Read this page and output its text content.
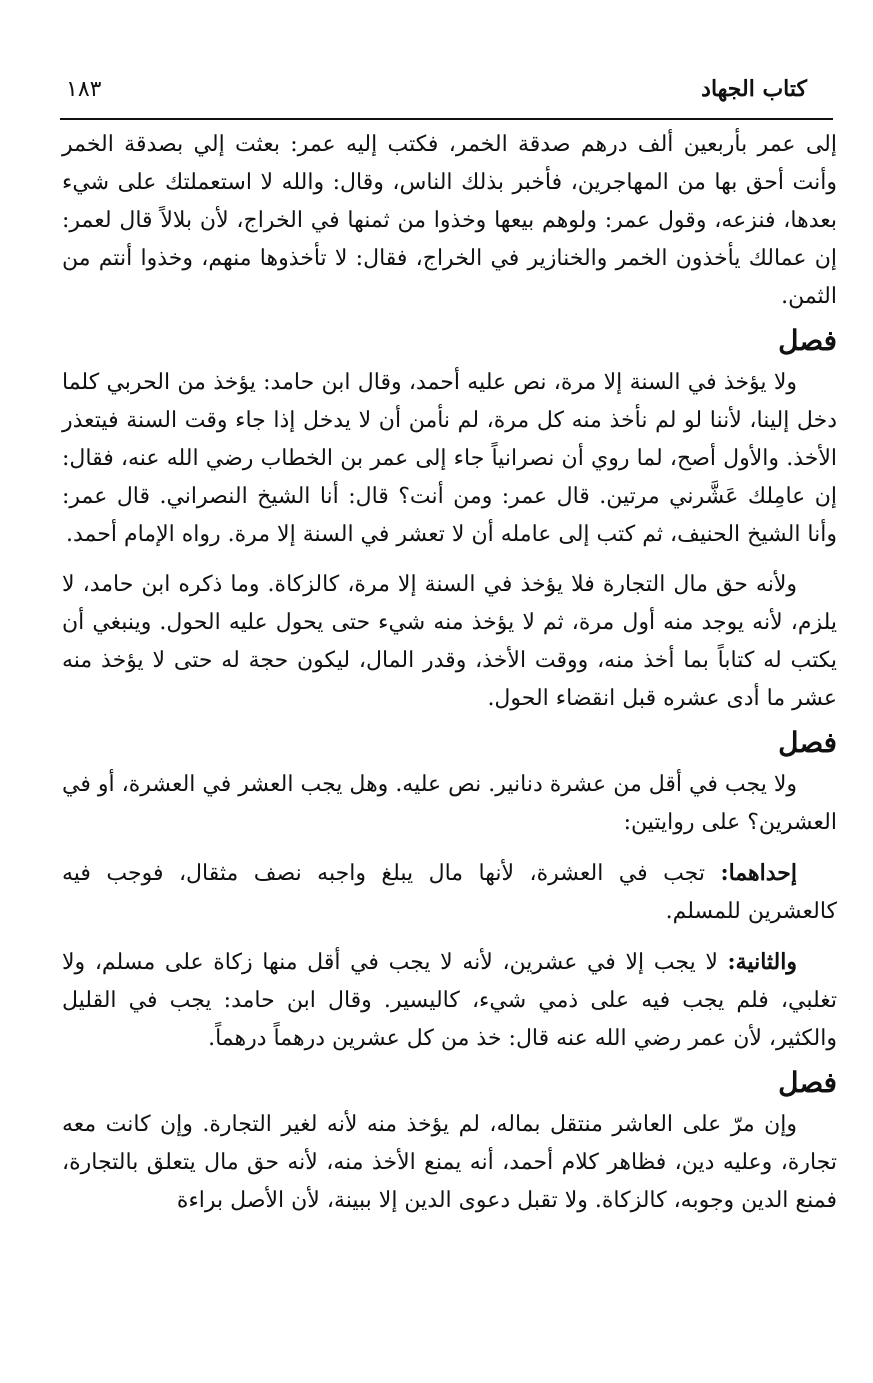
كتاب الجهاد
١٨٣

إلى عمر بأربعين ألف درهم صدقة الخمر، فكتب إليه عمر: بعثت إلي بصدقة الخمر وأنت أحق بها من المهاجرين، فأخبر بذلك الناس، وقال: والله لا استعملتك على شيء بعدها، فنزعه، وقول عمر: ولوهم بيعها وخذوا من ثمنها في الخراج، لأن بلالاً قال لعمر: إن عمالك يأخذون الخمر والخنازير في الخراج، فقال: لا تأخذوها منهم، وخذوا أنتم من الثمن.

فصل

ولا يؤخذ في السنة إلا مرة، نص عليه أحمد، وقال ابن حامد: يؤخذ من الحربي كلما دخل إلينا، لأننا لو لم نأخذ منه كل مرة، لم نأمن أن لا يدخل إذا جاء وقت السنة فيتعذر الأخذ. والأول أصح، لما روي أن نصرانياً جاء إلى عمر بن الخطاب رضي الله عنه، فقال: إن عامِلك عَشَّرني مرتين. قال عمر: ومن أنت؟ قال: أنا الشيخ النصراني. قال عمر: وأنا الشيخ الحنيف، ثم كتب إلى عامله أن لا تعشر في السنة إلا مرة. رواه الإمام أحمد.

ولأنه حق مال التجارة فلا يؤخذ في السنة إلا مرة، كالزكاة. وما ذكره ابن حامد، لا يلزم، لأنه يوجد منه أول مرة، ثم لا يؤخذ منه شيء حتى يحول عليه الحول. وينبغي أن يكتب له كتاباً بما أخذ منه، ووقت الأخذ، وقدر المال، ليكون حجة له حتى لا يؤخذ منه عشر ما أدى عشره قبل انقضاء الحول.

فصل

ولا يجب في أقل من عشرة دنانير. نص عليه. وهل يجب العشر في العشرة، أو في العشرين؟ على روايتين:

إحداهما: تجب في العشرة، لأنها مال يبلغ واجبه نصف مثقال، فوجب فيه كالعشرين للمسلم.

والثانية: لا يجب إلا في عشرين، لأنه لا يجب في أقل منها زكاة على مسلم، ولا تغلبي، فلم يجب فيه على ذمي شيء، كاليسير. وقال ابن حامد: يجب في القليل والكثير، لأن عمر رضي الله عنه قال: خذ من كل عشرين درهماً درهماً.

فصل

وإن مرّ على العاشر منتقل بماله، لم يؤخذ منه لأنه لغير التجارة. وإن كانت معه تجارة، وعليه دين، فظاهر كلام أحمد، أنه يمنع الأخذ منه، لأنه حق مال يتعلق بالتجارة، فمنع الدين وجوبه، كالزكاة. ولا تقبل دعوى الدين إلا ببينة، لأن الأصل براءة
